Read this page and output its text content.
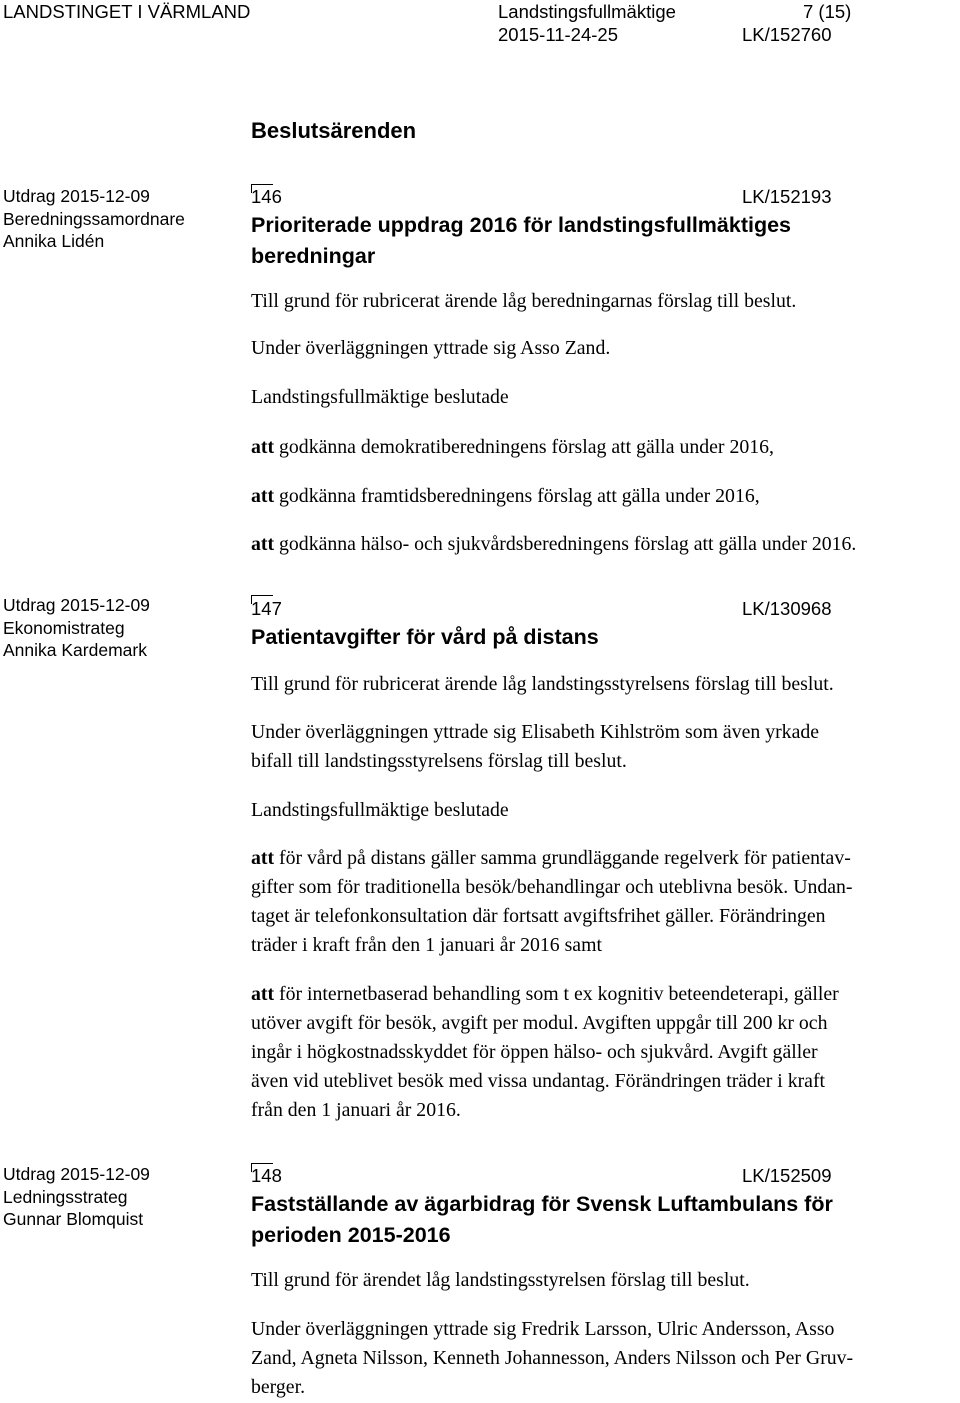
LANDSTINGET I VÄRMLAND	Landstingsfullmäktige	7 (15)
2015-11-24-25	LK/152760
Beslutsärenden
Utdrag 2015-12-09
Beredningssamordnare
Annika Lidén
146	LK/152193
Prioriterade uppdrag 2016 för landstingsfullmäktiges
beredningar
Till grund för rubricerat ärende låg beredningarnas förslag till beslut.
Under överläggningen yttrade sig Asso Zand.
Landstingsfullmäktige beslutade
att godkänna demokratiberedningens förslag att gälla under 2016,
att godkänna framtidsberedningens förslag att gälla under 2016,
att godkänna hälso- och sjukvårdsberedningens förslag att gälla under 2016.
Utdrag 2015-12-09
Ekonomistrateg
Annika Kardemark
147	LK/130968
Patientavgifter för vård på distans
Till grund för rubricerat ärende låg landstingsstyrelsens förslag till beslut.
Under överläggningen yttrade sig Elisabeth Kihlström som även yrkade
bifall till landstingsstyrelsens förslag till beslut.
Landstingsfullmäktige beslutade
att för vård på distans gäller samma grundläggande regelverk för patientav-
gifter som för traditionella besök/behandlingar och uteblivna besök. Undan-
taget är telefonkonsultation där fortsatt avgiftsfrihet gäller. Förändringen
träder i kraft från den 1 januari år 2016 samt
att för internetbaserad behandling som t ex kognitiv beteendeterapi, gäller
utöver avgift för besök, avgift per modul. Avgiften uppgår till 200 kr och
ingår i högkostnadsskyddet för öppen hälso- och sjukvård. Avgift gäller
även vid uteblivet besök med vissa undantag. Förändringen träder i kraft
från den 1 januari år 2016.
Utdrag 2015-12-09
Ledningsstrateg
Gunnar Blomquist
148	LK/152509
Fastställande av ägarbidrag för Svensk Luftambulans för
perioden 2015-2016
Till grund för ärendet låg landstingsstyrelsen förslag till beslut.
Under överläggningen yttrade sig Fredrik Larsson, Ulric Andersson, Asso
Zand, Agneta Nilsson, Kenneth Johannesson, Anders Nilsson och Per Gruv-
berger.
